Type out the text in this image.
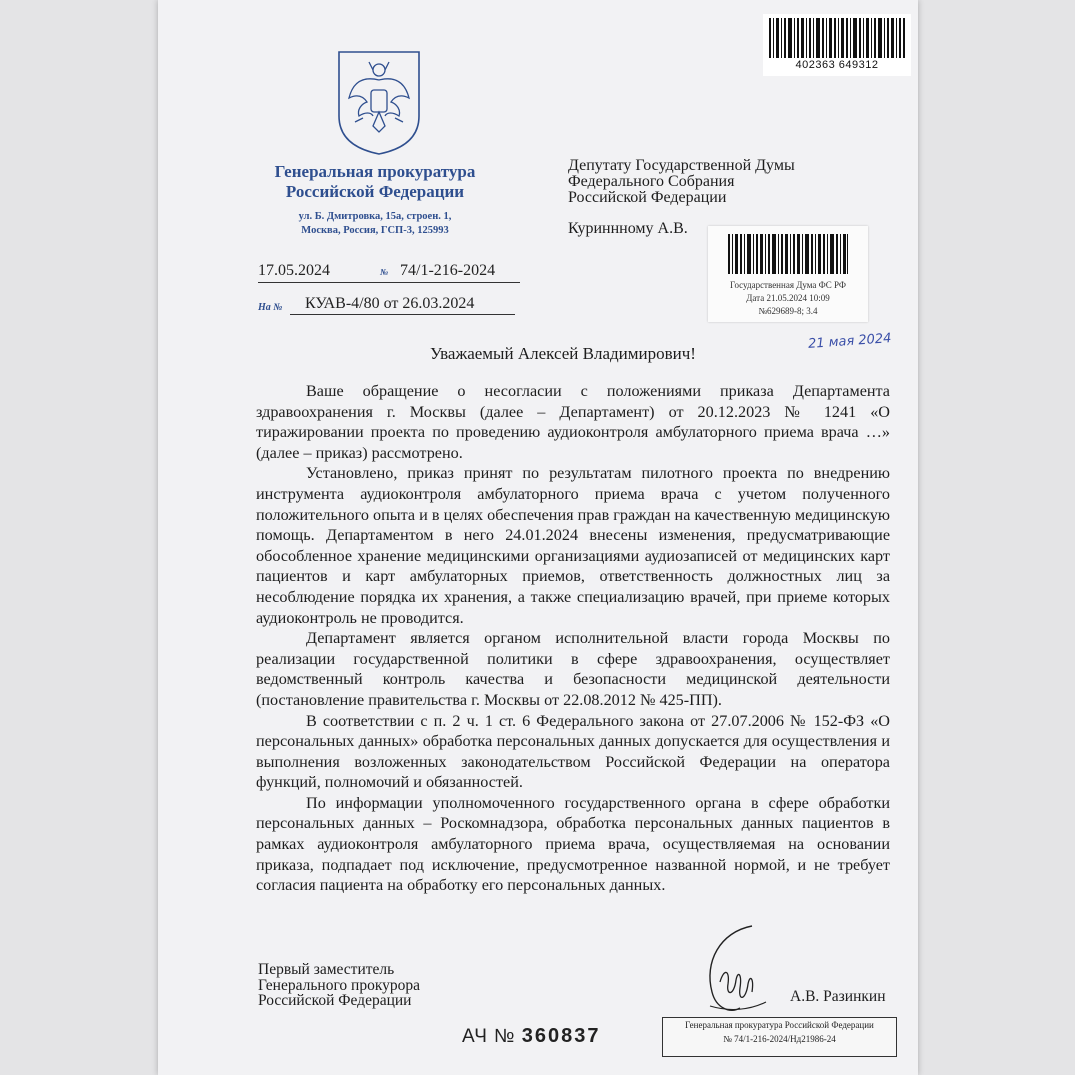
Генеральная прокуратура
Российской Федерации
ул. Б. Дмитровка, 15а, строен. 1,
Москва, Россия, ГСП-3, 125993
402363 649312
Депутату Государственной Думы
Федерального Собрания
Российской Федерации
Куриннному А.В.
Государственная Дума ФС РФ
Дата 21.05.2024 10:09
№629689-8; 3.4
17.05.2024	№ 74/1-216-2024
На № КУАВ-4/80 от 26.03.2024
21 мая 2024
Уважаемый Алексей Владимирович!

Ваше обращение о несогласии с положениями приказа Департамента здравоохранения г. Москвы (далее – Департамент) от 20.12.2023 № 1241 «О тиражировании проекта по проведению аудиоконтроля амбулаторного приема врача …» (далее – приказ) рассмотрено.

Установлено, приказ принят по результатам пилотного проекта по внедрению инструмента аудиоконтроля амбулаторного приема врача с учетом полученного положительного опыта и в целях обеспечения прав граждан на качественную медицинскую помощь. Департаментом в него 24.01.2024 внесены изменения, предусматривающие обособленное хранение медицинскими организациями аудиозаписей от медицинских карт пациентов и карт амбулаторных приемов, ответственность должностных лиц за несоблюдение порядка их хранения, а также специализацию врачей, при приеме которых аудиоконтроль не проводится.

Департамент является органом исполнительной власти города Москвы по реализации государственной политики в сфере здравоохранения, осуществляет ведомственный контроль качества и безопасности медицинской деятельности (постановление правительства г. Москвы от 22.08.2012 № 425-ПП).

В соответствии с п. 2 ч. 1 ст. 6 Федерального закона от 27.07.2006 № 152-ФЗ «О персональных данных» обработка персональных данных допускается для осуществления и выполнения возложенных законодательством Российской Федерации на оператора функций, полномочий и обязанностей.

По информации уполномоченного государственного органа в сфере обработки персональных данных – Роскомнадзора, обработка персональных данных пациентов в рамках аудиоконтроля амбулаторного приема врача, осуществляемая на основании приказа, подпадает под исключение, предусмотренное названной нормой, и не требует согласия пациента на обработку его персональных данных.

Первый заместитель
Генерального прокурора
Российской Федерации	А.В. Разинкин
АЧ № 360837	Генеральная прокуратура Российской Федерации
№ 74/1-216-2024/Нд21986-24
